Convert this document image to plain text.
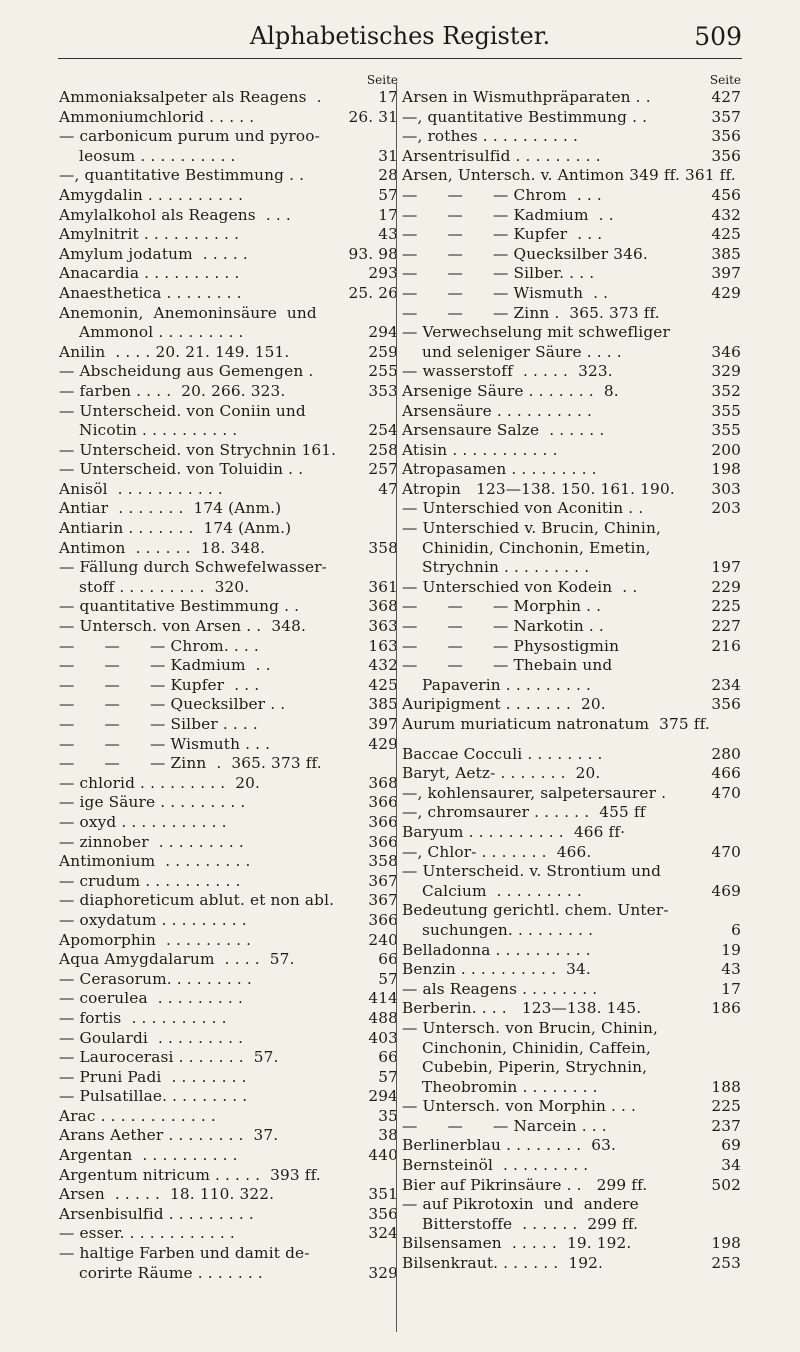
Alphabetisches Register.	509
Seite
17
Ammoniaksalpeter als Reagens  .
26. 31
Ammoniumchlorid . . . . .
— carbonicum purum und pyroo-
31
leosum . . . . . . . . . .
28
—, quantitative Bestimmung . .
57
Amygdalin . . . . . . . . . .
17
Amylalkohol als Reagens  . . .
43
Amylnitrit . . . . . . . . . .
93. 98
Amylum jodatum  . . . . .
293
Anacardia . . . . . . . . . .
25. 26
Anaesthetica . . . . . . . .
Anemonin,  Anemoninsäure  und
294
Ammonol . . . . . . . . .
259
Anilin  . . . . 20. 21. 149. 151.
255
— Abscheidung aus Gemengen .
353
— farben . . . .  20. 266. 323.
— Unterscheid. von Coniin und
254
Nicotin . . . . . . . . . .
258
— Unterscheid. von Strychnin 161.
257
— Unterscheid. von Toluidin . .
47
Anisöl  . . . . . . . . . . .
Antiar  . . . . . . .  174 (Anm.)
Antiarin . . . . . . .  174 (Anm.)
358
Antimon  . . . . . .  18. 348.
— Fällung durch Schwefelwasser-
361
stoff . . . . . . . . .  320.
368
— quantitative Bestimmung . .
363
— Untersch. von Arsen . .  348.
163
—      —      — Chrom. . . .
432
—      —      — Kadmium  . .
425
—      —      — Kupfer  . . .
385
—      —      — Quecksilber . .
397
—      —      — Silber . . . .
429
—      —      — Wismuth . . .
—      —      — Zinn  .  365. 373 ff.
368
— chlorid . . . . . . . . .  20.
366
— ige Säure . . . . . . . . .
366
— oxyd . . . . . . . . . . .
366
— zinnober  . . . . . . . . .
358
Antimonium  . . . . . . . . .
367
— crudum . . . . . . . . . .
367
— diaphoreticum ablut. et non abl.
366
— oxydatum . . . . . . . . .
240
Apomorphin  . . . . . . . . .
66
Aqua Amygdalarum  . . . .  57.
57
— Cerasorum. . . . . . . . .
414
— coerulea  . . . . . . . . .
488
— fortis  . . . . . . . . . .
403
— Goulardi  . . . . . . . . .
66
— Laurocerasi . . . . . . .  57.
57
— Pruni Padi  . . . . . . . .
294
— Pulsatillae. . . . . . . . .
35
Arac . . . . . . . . . . . .
38
Arans Aether . . . . . . . .  37.
440
Argentan  . . . . . . . . . .
Argentum nitricum . . . . .  393 ff.
351
Arsen  . . . . .  18. 110. 322.
356
Arsenbisulfid . . . . . . . . .
324
— esser. . . . . . . . . . . .
— haltige Farben und damit de-
329
corirte Räume . . . . . . .
Seite
427
Arsen in Wismuthpräparaten . .
357
—, quantitative Bestimmung . .
356
—, rothes . . . . . . . . . .
356
Arsentrisulfid . . . . . . . . .
Arsen, Untersch. v. Antimon 349 ff. 361 ff.
456
—      —      — Chrom  . . .
432
—      —      — Kadmium  . .
425
—      —      — Kupfer  . . .
385
—      —      — Quecksilber 346.
397
—      —      — Silber. . . .
429
—      —      — Wismuth  . .
—      —      — Zinn .  365. 373 ff.
— Verwechselung mit schwefliger
346
und seleniger Säure . . . .
329
— wasserstoff  . . . . .  323.
352
Arsenige Säure . . . . . . .  8.
355
Arsensäure . . . . . . . . . .
355
Arsensaure Salze  . . . . . .
200
Atisin . . . . . . . . . . .
198
Atropasamen . . . . . . . . .
303
Atropin   123—138. 150. 161. 190.
203
— Unterschied von Aconitin . .
— Unterschied v. Brucin, Chinin,
Chinidin, Cinchonin, Emetin,
197
Strychnin . . . . . . . . .
229
— Unterschied von Kodein  . .
225
—      —      — Morphin . .
227
—      —      — Narkotin . .
216
—      —      — Physostigmin
—      —      — Thebain und
234
Papaverin . . . . . . . . .
356
Auripigment . . . . . . .  20.
Aurum muriaticum natronatum  375 ff.
280
Baccae Cocculi . . . . . . . .
466
Baryt, Aetz- . . . . . . .  20.
470
—, kohlensaurer, salpetersaurer .
—, chromsaurer . . . . . .  455 ff
Baryum . . . . . . . . . .  466 ff·
470
—, Chlor- . . . . . . .  466.
— Unterscheid. v. Strontium und
469
Calcium  . . . . . . . . .
Bedeutung gerichtl. chem. Unter-
6
suchungen. . . . . . . . .
19
Belladonna . . . . . . . . . .
43
Benzin . . . . . . . . . .  34.
17
— als Reagens . . . . . . . .
186
Berberin. . . .   123—138. 145.
— Untersch. von Brucin, Chinin,
Cinchonin, Chinidin, Caffein,
Cubebin, Piperin, Strychnin,
188
Theobromin . . . . . . . .
225
— Untersch. von Morphin . . .
237
—      —      — Narcein . . .
69
Berlinerblau . . . . . . . .  63.
34
Bernsteinöl  . . . . . . . . .
502
Bier auf Pikrinsäure . .   299 ff.
— auf Pikrotoxin  und  andere
Bitterstoffe  . . . . . .  299 ff.
198
Bilsensamen  . . . . .  19. 192.
253
Bilsenkraut. . . . . . .  192.
